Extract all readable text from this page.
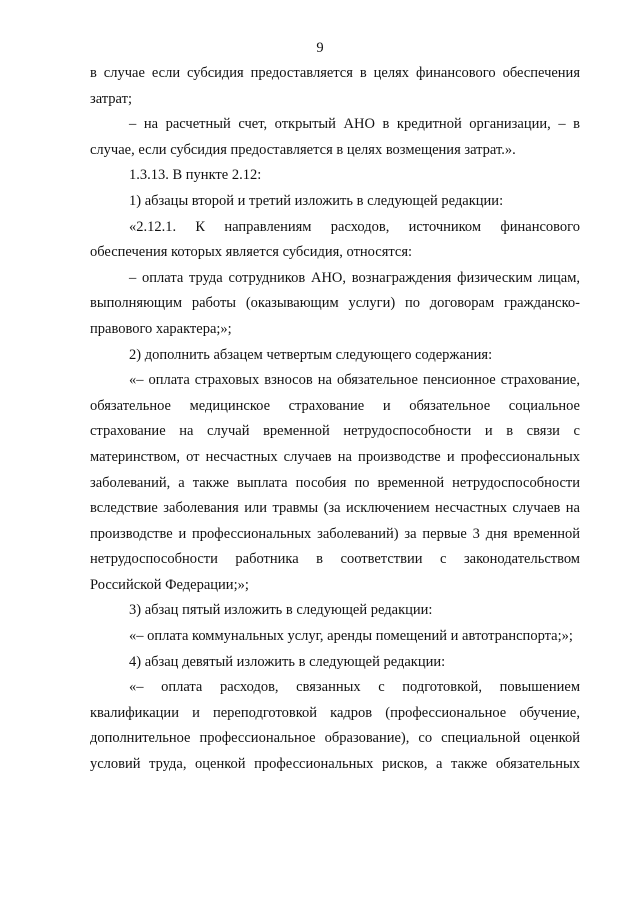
9

в случае если субсидия предоставляется в целях финансового обеспечения затрат;

– на расчетный счет, открытый АНО в кредитной организации, – в случае, если субсидия предоставляется в целях возмещения затрат.».

1.3.13. В пункте 2.12:

1) абзацы второй и третий изложить в следующей редакции:

«2.12.1. К направлениям расходов, источником финансового обеспечения которых является субсидия, относятся:

– оплата труда сотрудников АНО, вознаграждения физическим лицам, выполняющим работы (оказывающим услуги) по договорам гражданско-правового характера;»;

2) дополнить абзацем четвертым следующего содержания:

«– оплата страховых взносов на обязательное пенсионное страхование, обязательное медицинское страхование и обязательное социальное страхование на случай временной нетрудоспособности и в связи с материнством, от несчастных случаев на производстве и профессиональных заболеваний, а также выплата пособия по временной нетрудоспособности вследствие заболевания или травмы (за исключением несчастных случаев на производстве и профессиональных заболеваний) за первые 3 дня временной нетрудоспособности работника в соответствии с законодательством Российской Федерации;»;

3) абзац пятый изложить в следующей редакции:

«– оплата коммунальных услуг, аренды помещений и автотранспорта;»;

4) абзац девятый изложить в следующей редакции:

«– оплата расходов, связанных с подготовкой, повышением квалификации и переподготовкой кадров (профессиональное обучение, дополнительное профессиональное образование), со специальной оценкой условий труда, оценкой профессиональных рисков, а также обязательных
